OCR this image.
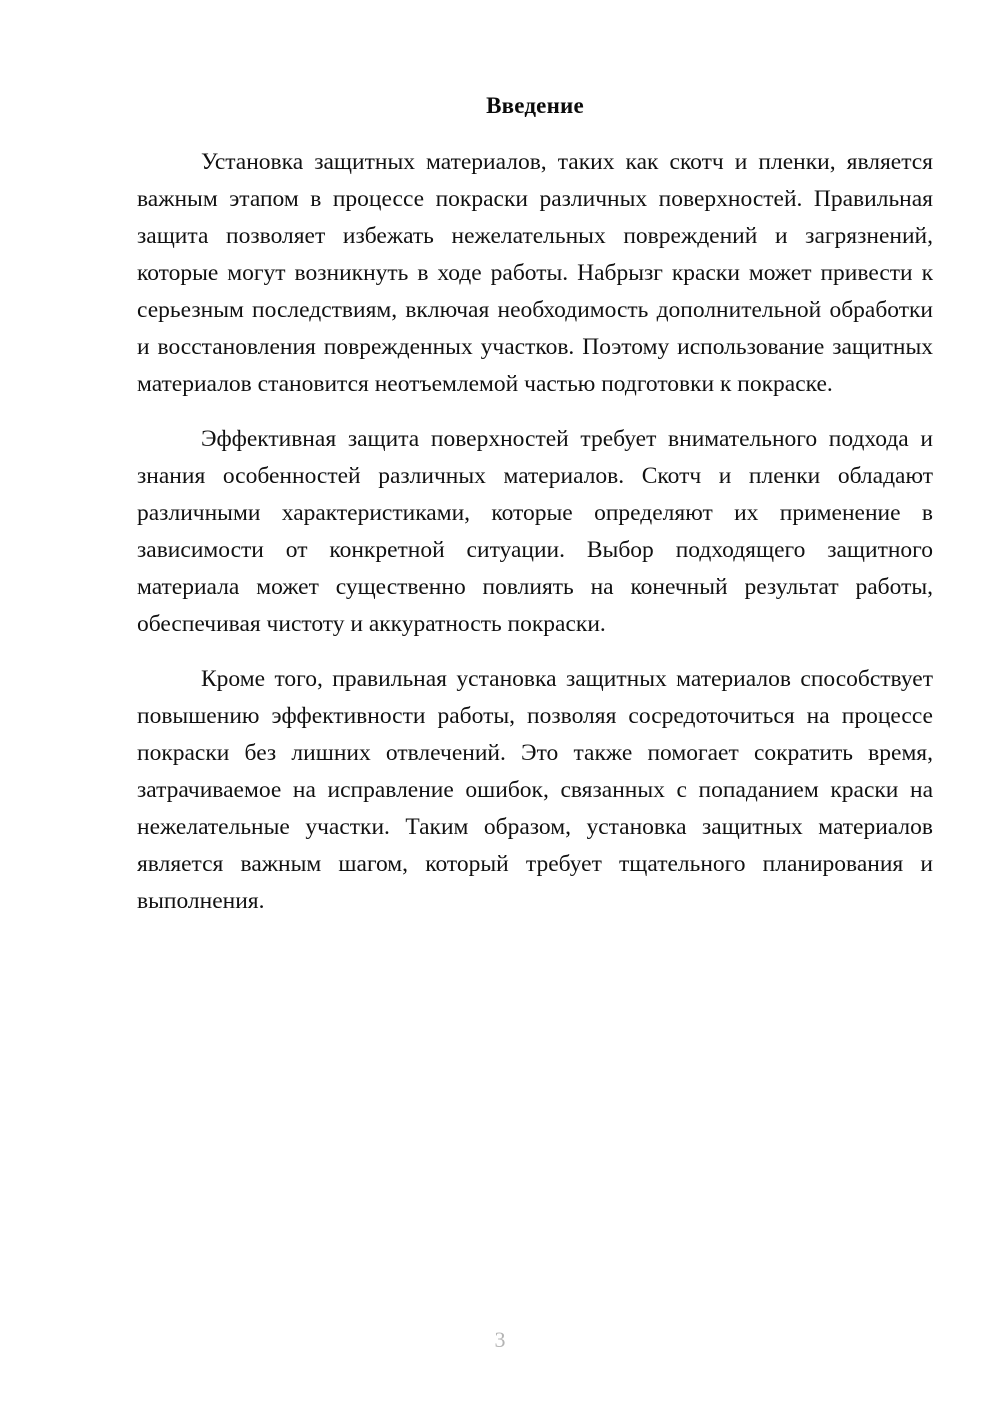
Введение

Установка защитных материалов, таких как скотч и пленки, является важным этапом в процессе покраски различных поверхностей. Правильная защита позволяет избежать нежелательных повреждений и загрязнений, которые могут возникнуть в ходе работы. Набрызг краски может привести к серьезным последствиям, включая необходимость дополнительной обработки и восстановления поврежденных участков. Поэтому использование защитных материалов становится неотъемлемой частью подготовки к покраске.

Эффективная защита поверхностей требует внимательного подхода и знания особенностей различных материалов. Скотч и пленки обладают различными характеристиками, которые определяют их применение в зависимости от конкретной ситуации. Выбор подходящего защитного материала может существенно повлиять на конечный результат работы, обеспечивая чистоту и аккуратность покраски.

Кроме того, правильная установка защитных материалов способствует повышению эффективности работы, позволяя сосредоточиться на процессе покраски без лишних отвлечений. Это также помогает сократить время, затрачиваемое на исправление ошибок, связанных с попаданием краски на нежелательные участки. Таким образом, установка защитных материалов является важным шагом, который требует тщательного планирования и выполнения.

3
